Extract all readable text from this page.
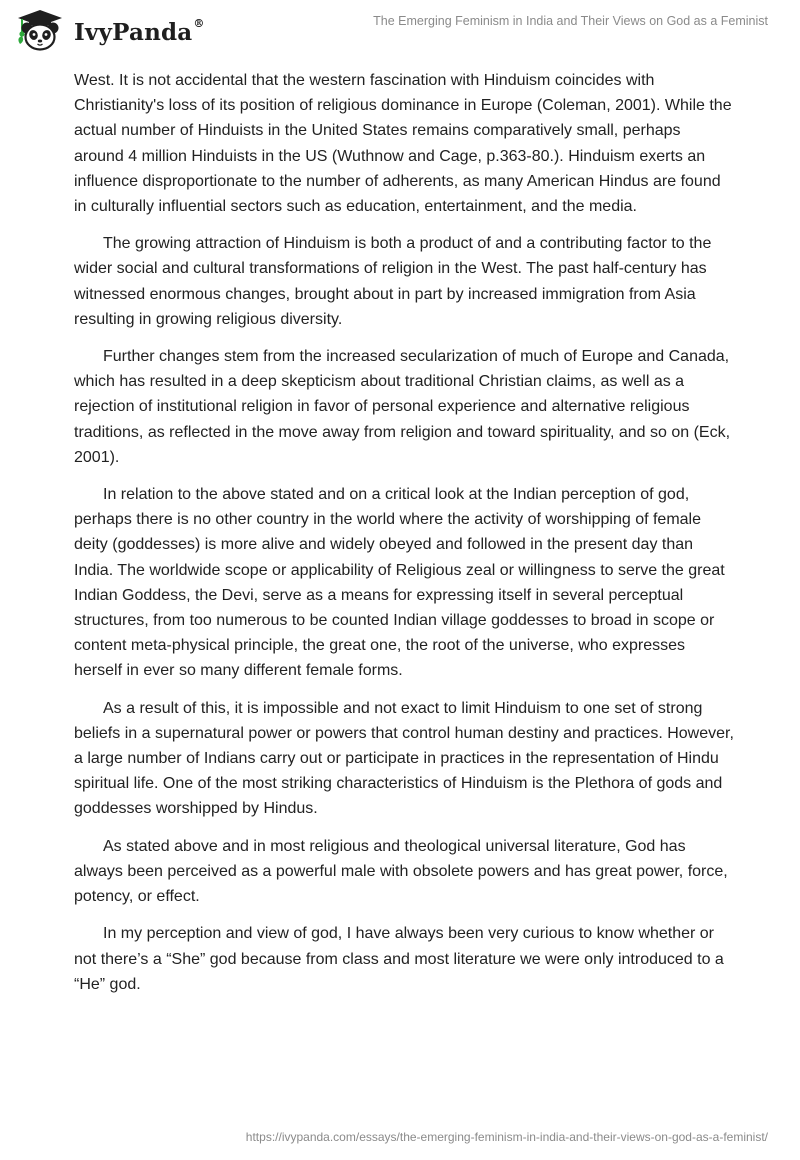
IvyPanda®	The Emerging Feminism in India and Their Views on God as a Feminist

West. It is not accidental that the western fascination with Hinduism coincides with Christianity's loss of its position of religious dominance in Europe (Coleman, 2001). While the actual number of Hinduists in the United States remains comparatively small, perhaps around 4 million Hinduists in the US (Wuthnow and Cage, p.363-80.). Hinduism exerts an influence disproportionate to the number of adherents, as many American Hindus are found in culturally influential sectors such as education, entertainment, and the media.

The growing attraction of Hinduism is both a product of and a contributing factor to the wider social and cultural transformations of religion in the West. The past half-century has witnessed enormous changes, brought about in part by increased immigration from Asia resulting in growing religious diversity.

Further changes stem from the increased secularization of much of Europe and Canada, which has resulted in a deep skepticism about traditional Christian claims, as well as a rejection of institutional religion in favor of personal experience and alternative religious traditions, as reflected in the move away from religion and toward spirituality, and so on (Eck, 2001).

In relation to the above stated and on a critical look at the Indian perception of god, perhaps there is no other country in the world where the activity of worshipping of female deity (goddesses) is more alive and widely obeyed and followed in the present day than India. The worldwide scope or applicability of Religious zeal or willingness to serve the great Indian Goddess, the Devi, serve as a means for expressing itself in several perceptual structures, from too numerous to be counted Indian village goddesses to broad in scope or content meta-physical principle, the great one, the root of the universe, who expresses herself in ever so many different female forms.

As a result of this, it is impossible and not exact to limit Hinduism to one set of strong beliefs in a supernatural power or powers that control human destiny and practices. However, a large number of Indians carry out or participate in practices in the representation of Hindu spiritual life. One of the most striking characteristics of Hinduism is the Plethora of gods and goddesses worshipped by Hindus.

As stated above and in most religious and theological universal literature, God has always been perceived as a powerful male with obsolete powers and has great power, force, potency, or effect.

In my perception and view of god, I have always been very curious to know whether or not there’s a “She” god because from class and most literature we were only introduced to a “He” god.

https://ivypanda.com/essays/the-emerging-feminism-in-india-and-their-views-on-god-as-a-feminist/
